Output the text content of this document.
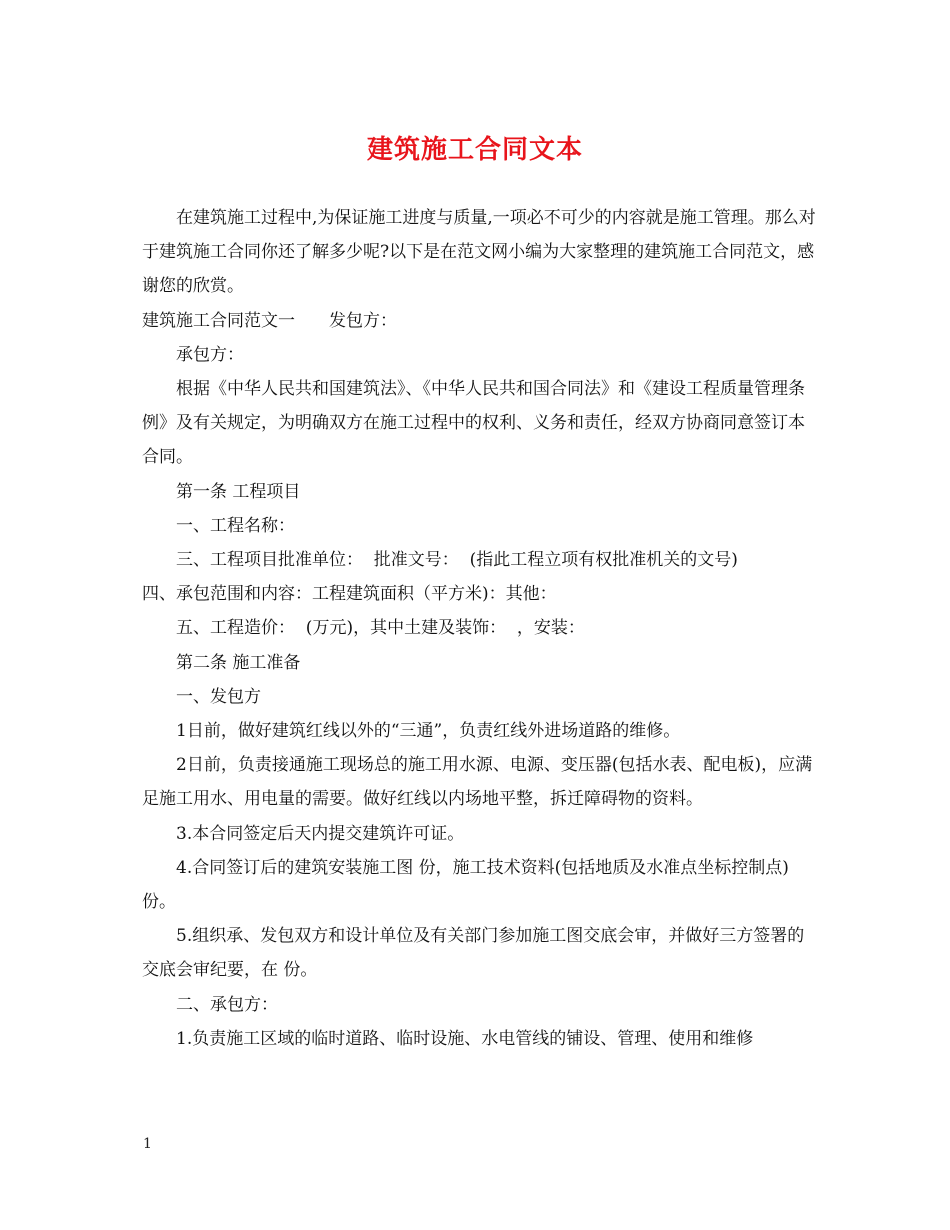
建筑施工合同文本

在建筑施工过程中,为保证施工进度与质量,一项必不可少的内容就是施工管理。那么对于建筑施工合同你还了解多少呢?以下是在范文网小编为大家整理的建筑施工合同范文，感谢您的欣赏。

建筑施工合同范文一　　发包方：

承包方：

根据《中华人民共和国建筑法》、《中华人民共和国合同法》和《建设工程质量管理条例》及有关规定，为明确双方在施工过程中的权利、义务和责任，经双方协商同意签订本合同。

第一条 工程项目

一、工程名称：

三、工程项目批准单位：  批准文号：  (指此工程立项有权批准机关的文号)

四、承包范围和内容：工程建筑面积（平方米)：其他：

五、工程造价：  (万元)，其中土建及装饰：  ，安装：

第二条 施工准备

一、发包方

1日前，做好建筑红线以外的“三通”，负责红线外进场道路的维修。

2日前，负责接通施工现场总的施工用水源、电源、变压器(包括水表、配电板)，应满足施工用水、用电量的需要。做好红线以内场地平整，拆迁障碍物的资料。

3.本合同签定后天内提交建筑许可证。

4.合同签订后的建筑安装施工图 份，施工技术资料(包括地质及水准点坐标控制点) 份。

5.组织承、发包双方和设计单位及有关部门参加施工图交底会审，并做好三方签署的交底会审纪要，在 份。

二、承包方：

1.负责施工区域的临时道路、临时设施、水电管线的铺设、管理、使用和维修

1
